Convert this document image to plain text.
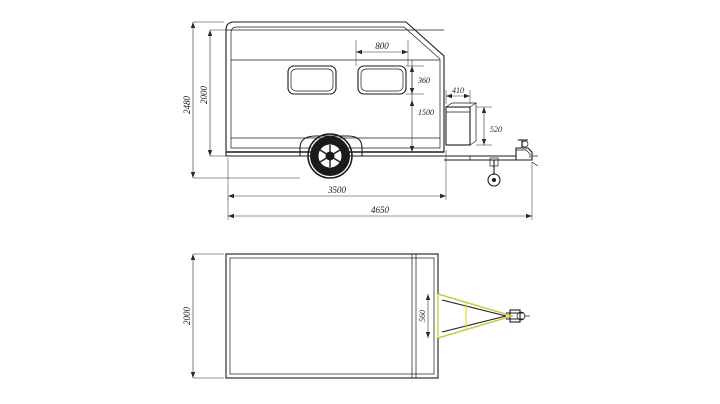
2480
2000
800
360
1500
410
520
3500
4650
2000	560
